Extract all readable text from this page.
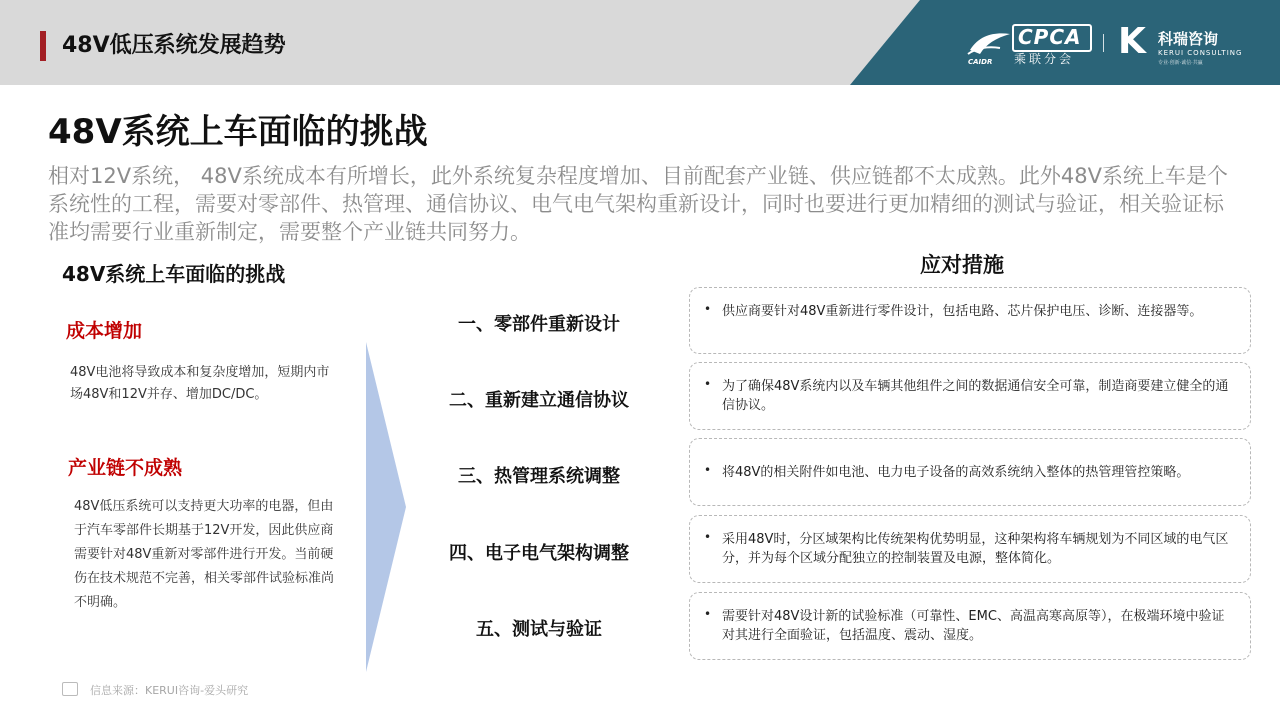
48V低压系统发展趋势	CPCA
乘联分会
CAIDR	K 科瑞咨询
KERUI CONSULTING
专业·创新·诚信·共赢
48V系统上车面临的挑战
相对12V系统， 48V系统成本有所增长，此外系统复杂程度增加、目前配套产业链、供应链都不太成熟。此外48V系统上车是个系统性的工程，需要对零部件、热管理、通信协议、电气电气架构重新设计，同时也要进行更加精细的测试与验证，相关验证标准均需要行业重新制定，需要整个产业链共同努力。
48V系统上车面临的挑战
成本增加
48V电池将导致成本和复杂度增加，短期内市场48V和12V并存、增加DC/DC。
产业链不成熟
48V低压系统可以支持更大功率的电器，但由于汽车零部件长期基于12V开发，因此供应商需要针对48V重新对零部件进行开发。当前硬伤在技术规范不完善，相关零部件试验标准尚不明确。
一、零部件重新设计
二、重新建立通信协议
三、热管理系统调整
四、电子电气架构调整
五、测试与验证
应对措施
• 供应商要针对48V重新进行零件设计，包括电路、芯片保护电压、诊断、连接器等。
• 为了确保48V系统内以及车辆其他组件之间的数据通信安全可靠，制造商要建立健全的通信协议。
• 将48V的相关附件如电池、电力电子设备的高效系统纳入整体的热管理管控策略。
• 采用48V时，分区域架构比传统架构优势明显，这种架构将车辆规划为不同区域的电气区分，并为每个区域分配独立的控制装置及电源，整体简化。
• 需要针对48V设计新的试验标准（可靠性、EMC、高温高寒高原等），在极端环境中验证对其进行全面验证，包括温度、震动、湿度。
信息来源：KERUI咨询-爱头研究
